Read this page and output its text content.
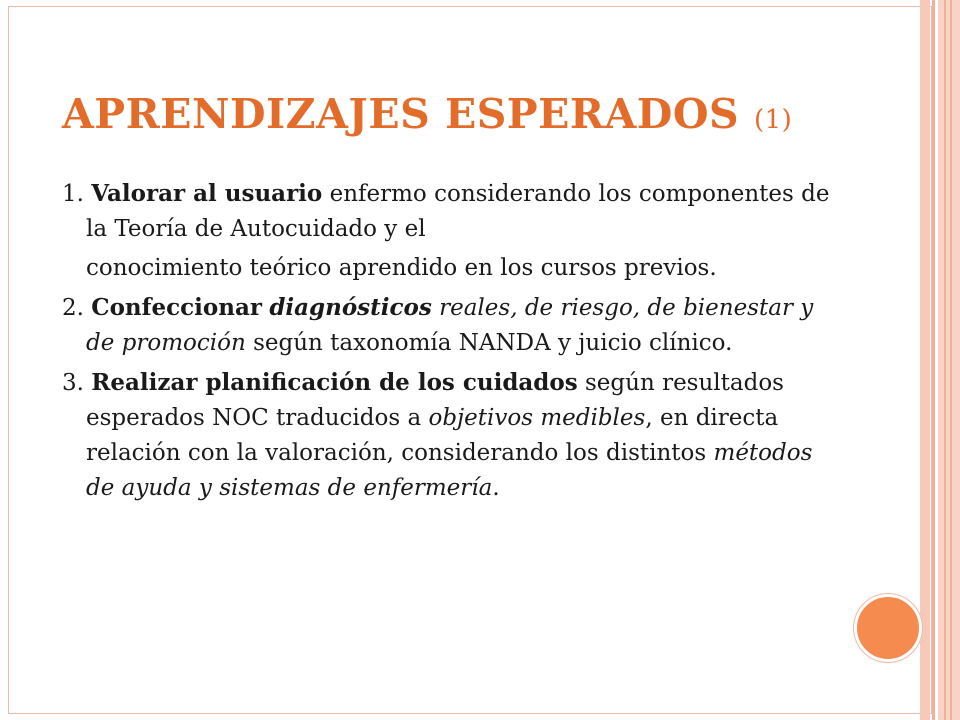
APRENDIZAJES ESPERADOS (1)

1. Valorar al usuario enfermo considerando los componentes de la Teoría de Autocuidado y el

conocimiento teórico aprendido en los cursos previos.

2. Confeccionar diagnósticos reales, de riesgo, de bienestar y de promoción según taxonomía NANDA y juicio clínico.

3. Realizar planificación de los cuidados según resultados esperados NOC traducidos a objetivos medibles, en directa relación con la valoración, considerando los distintos métodos de ayuda y sistemas de enfermería.
